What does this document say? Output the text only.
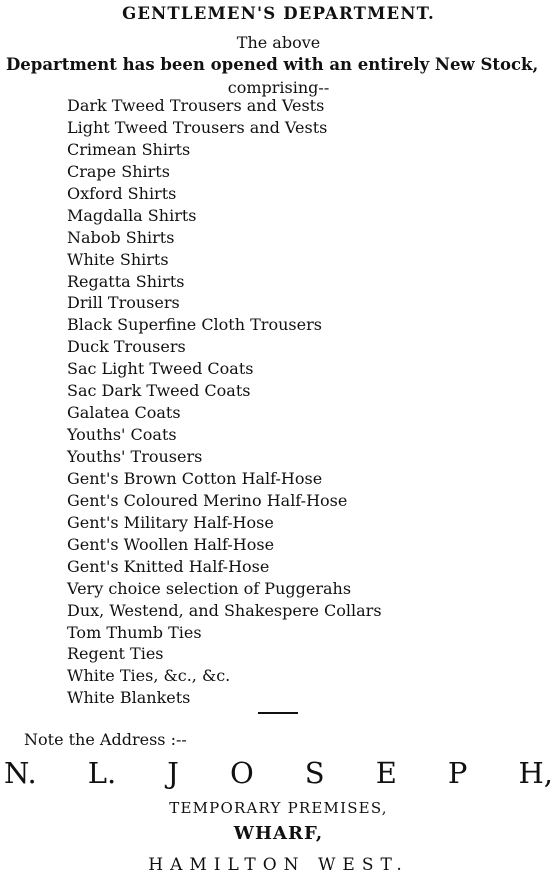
GENTLEMEN'S DEPARTMENT.
The above
Department has been opened with an entirely New Stock,
comprising--
Dark Tweed Trousers and Vests
Light Tweed Trousers and Vests
Crimean Shirts
Crape Shirts
Oxford Shirts
Magdalla Shirts
Nabob Shirts
White Shirts
Regatta Shirts
Drill Trousers
Black Superfine Cloth Trousers
Duck Trousers
Sac Light Tweed Coats
Sac Dark Tweed Coats
Galatea Coats
Youths' Coats
Youths' Trousers
Gent's Brown Cotton Half-Hose
Gent's Coloured Merino Half-Hose
Gent's Military Half-Hose
Gent's Woollen Half-Hose
Gent's Knitted Half-Hose
Very choice selection of Puggerahs
Dux, Westend, and Shakespere Collars
Tom Thumb Ties
Regent Ties
White Ties, &c., &c.
White Blankets
Note the Address :--
N. L. J O S E P H,
TEMPORARY PREMISES,
WHARF,
HAMILTON WEST.
